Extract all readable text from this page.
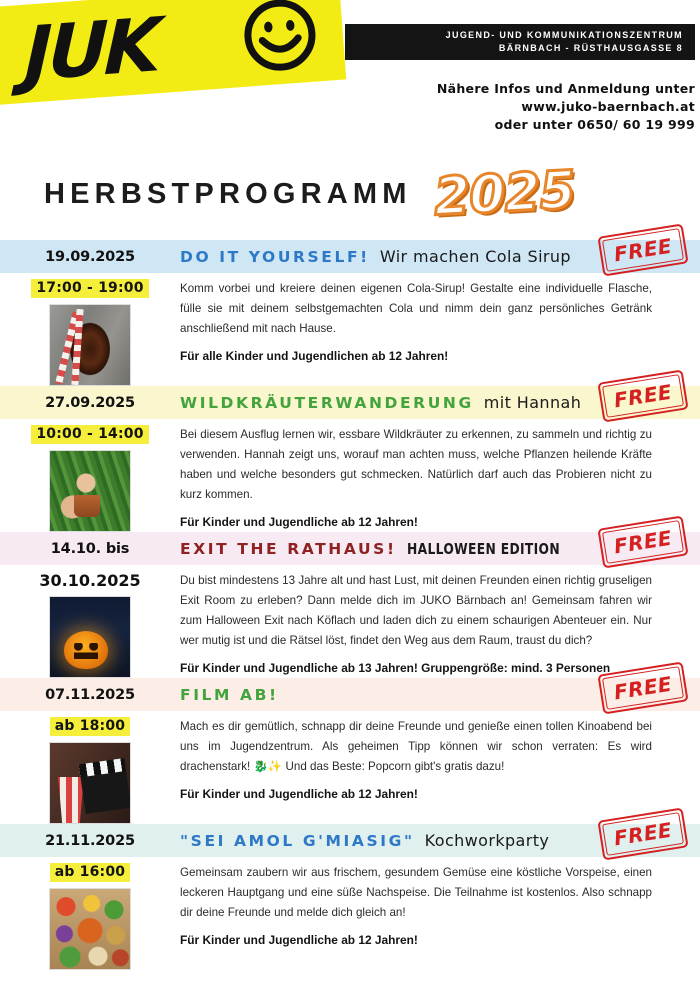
JUK	JUGEND- UND KOMMUNIKATIONSZENTRUM
BÄRNBACH - RÜSTHAUSGASSE 8
Nähere Infos und Anmeldung unter
www.juko-baernbach.at
oder unter 0650/ 60 19 999
HERBSTPROGRAMM 2025
19.09.2025	DO IT YOURSELF! Wir machen Cola Sirup FREE
17:00 - 19:00	Komm vorbei und kreiere deinen eigenen Cola-Sirup! Gestalte eine individuelle Flasche, fülle sie mit deinem selbstgemachten Cola und nimm dein ganz persönliches Getränk anschließend mit nach Hause.

Für alle Kinder und Jugendlichen ab 12 Jahren!

27.09.2025	WILDKRÄUTERWANDERUNG mit Hannah FREE
10:00 - 14:00	Bei diesem Ausflug lernen wir, essbare Wildkräuter zu erkennen, zu sammeln und richtig zu verwenden. Hannah zeigt uns, worauf man achten muss, welche Pflanzen heilende Kräfte haben und welche besonders gut schmecken. Natürlich darf auch das Probieren nicht zu kurz kommen.

Für Kinder und Jugendliche ab 12 Jahren!

14.10. bis	EXIT THE RATHAUS! HALLOWEEN EDITION	FREE
30.10.2025	Du bist mindestens 13 Jahre alt und hast Lust, mit deinen Freunden einen richtig gruseligen Exit Room zu erleben? Dann melde dich im JUKO Bärnbach an! Gemeinsam fahren wir zum Halloween Exit nach Köflach und laden dich zu einem schaurigen Abenteuer ein. Nur wer mutig ist und die Rätsel löst, findet den Weg aus dem Raum, traust du dich?

Für Kinder und Jugendliche ab 13 Jahren! Gruppengröße: mind. 3 Personen

07.11.2025	FILM AB!	FREE
ab 18:00	Mach es dir gemütlich, schnapp dir deine Freunde und genieße einen tollen Kinoabend bei uns im Jugendzentrum. Als geheimen Tipp können wir schon verraten: Es wird drachenstark! 🐉✨ Und das Beste: Popcorn gibt's gratis dazu!

Für Kinder und Jugendliche ab 12 Jahren!

21.11.2025	"SEI AMOL G'MIASIG" Kochworkparty	FREE
ab 16:00	Gemeinsam zaubern wir aus frischem, gesundem Gemüse eine köstliche Vorspeise, einen leckeren Hauptgang und eine süße Nachspeise. Die Teilnahme ist kostenlos. Also schnapp dir deine Freunde und melde dich gleich an!

Für Kinder und Jugendliche ab 12 Jahren!
